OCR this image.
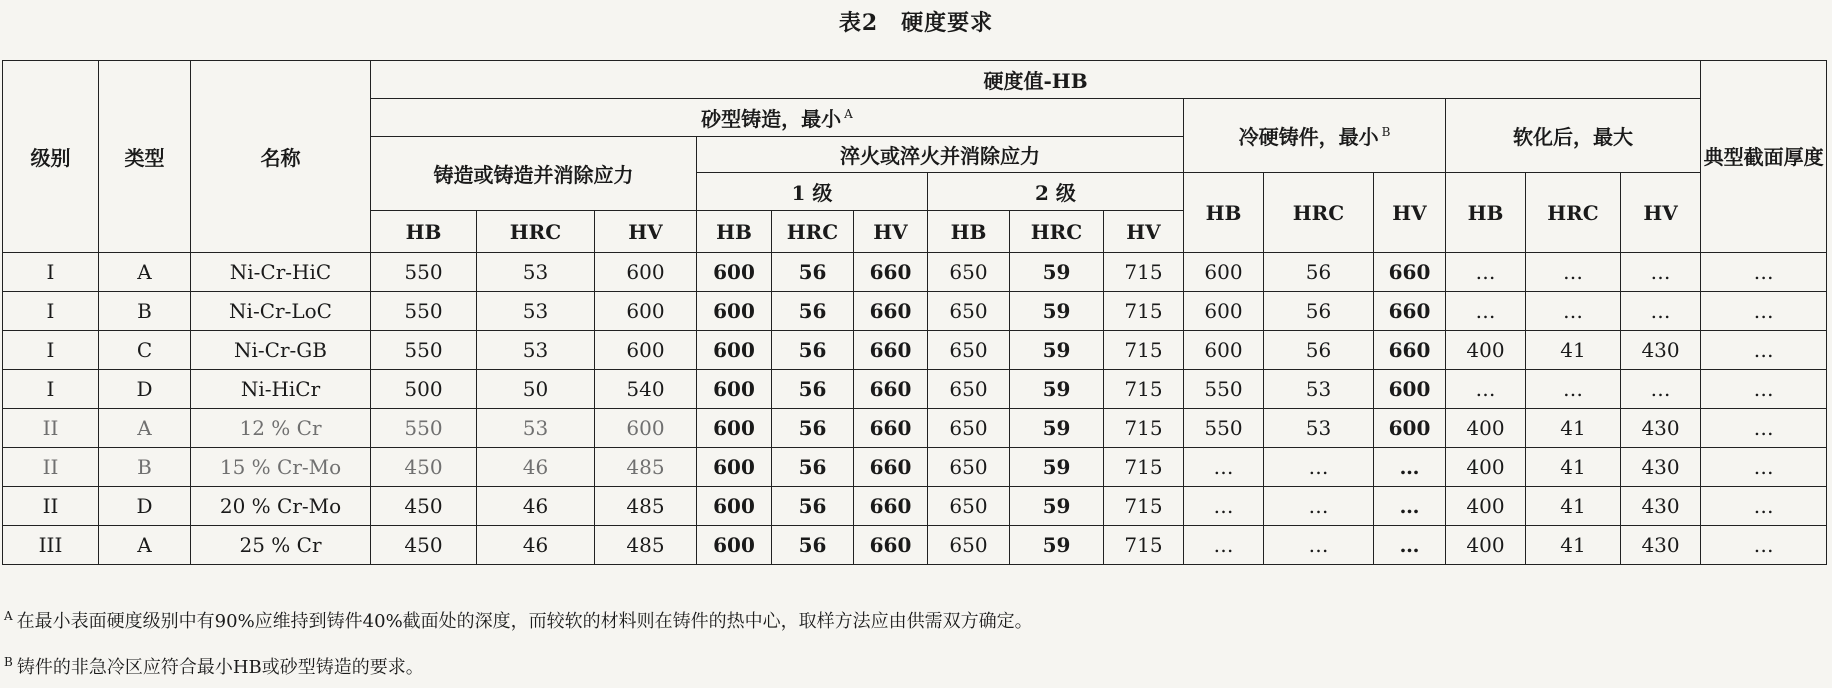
表2　硬度要求
级别	类型	名称	硬度值-HB															典型截面厚度
			砂型铸造，最小 $^A$									冷硬铸件，最小 $^B$			软化后，最大			
			铸造或铸造并消除应力			淬火或淬火并消除应力												
						1 级			2 级			HB	HRC	HV	HB	HRC	HV	
			HB	HRC	HV	HB	HRC	HV	HB	HRC	HV							
I	A	Ni-Cr-HiC	550	53	600	600	56	660	650	59	715	600	56	660	…	…	…	…
I	B	Ni-Cr-LoC	550	53	600	600	56	660	650	59	715	600	56	660	…	…	…	…
I	C	Ni-Cr-GB	550	53	600	600	56	660	650	59	715	600	56	660	400	41	430	…
I	D	Ni-HiCr	500	50	540	600	56	660	650	59	715	550	53	600	…	…	…	…
II	A	12 % Cr	550	53	600	600	56	660	650	59	715	550	53	600	400	41	430	…
II	B	15 % Cr-Mo	450	46	485	600	56	660	650	59	715	…	…	…	400	41	430	…
II	D	20 % Cr-Mo	450	46	485	600	56	660	650	59	715	…	…	…	400	41	430	…
III	A	25 % Cr	450	46	485	600	56	660	650	59	715	…	…	…	400	41	430	…
$^A$ 在最小表面硬度级别中有90%应维持到铸件40%截面处的深度，而较软的材料则在铸件的热中心，取样方法应由供需双方确定。
$^B$ 铸件的非急冷区应符合最小HB或砂型铸造的要求。
